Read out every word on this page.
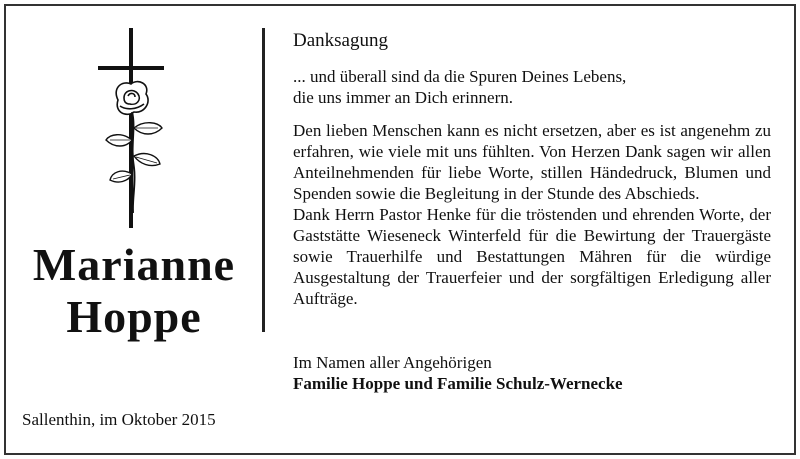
Marianne
Hoppe
Sallenthin, im Oktober 2015
Danksagung
... und überall sind da die Spuren Deines Lebens,
die uns immer an Dich erinnern.

Den lieben Menschen kann es nicht ersetzen, aber es ist angenehm zu erfahren, wie viele mit uns fühlten. Von Herzen Dank sagen wir allen Anteilnehmenden für liebe Worte, stillen Händedruck, Blumen und Spenden sowie die Begleitung in der Stunde des Abschieds.

Dank Herrn Pastor Henke für die tröstenden und ehrenden Worte, der Gaststätte Wieseneck Winterfeld für die Bewirtung der Trauergäste sowie Trauerhilfe und Bestattungen Mähren für die würdige Ausgestaltung der Trauerfeier und der sorgfältigen Erledigung aller Aufträge.

Im Namen aller Angehörigen
Familie Hoppe und Familie Schulz-Wernecke
